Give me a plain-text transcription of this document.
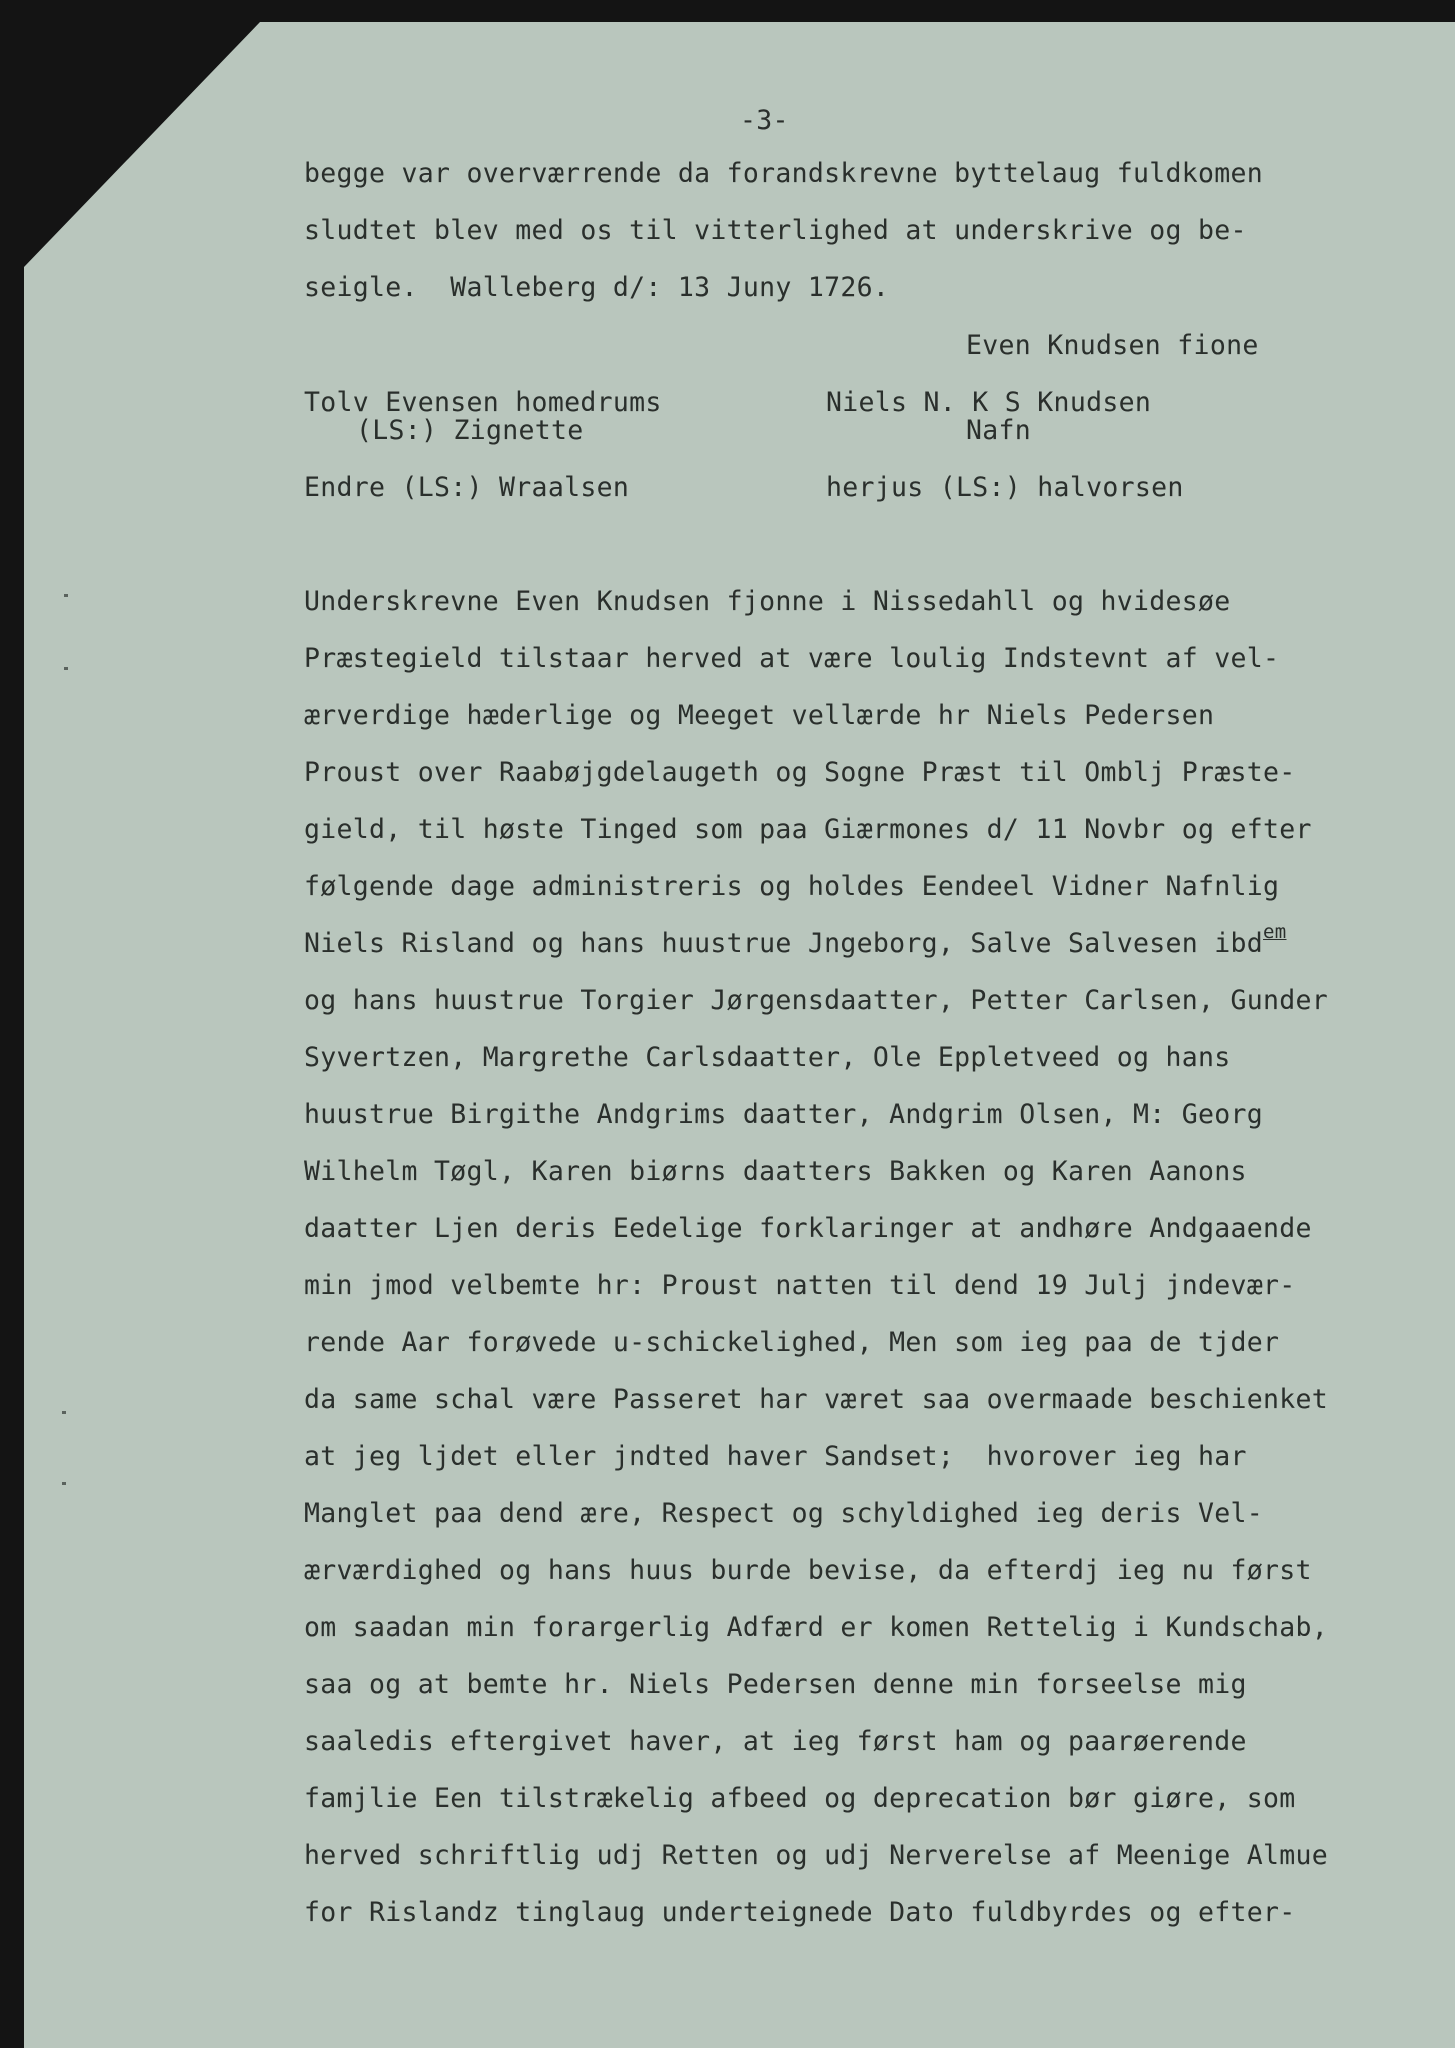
-3-
begge var overværrende da forandskrevne byttelaug fuldkomen
sludtet blev med os til vitterlighed at underskrive og be-
seigle.  Walleberg d/: 13 Juny 1726.
Even Knudsen fione
Tolv Evensen homedrums
(LS:) Zignette
Niels N. K S Knudsen
Nafn
Endre (LS:) Wraalsen	herjus (LS:) halvorsen
Underskrevne Even Knudsen fjonne i Nissedahll og hvidesøe
Præstegield tilstaar herved at være loulig Indstevnt af vel-
ærverdige hæderlige og Meeget vellærde hr Niels Pedersen
Proust over Raabøjgdelaugeth og Sogne Præst til Omblj Præste-
gield, til høste Tinged som paa Giærmones d/ 11 Novbr og efter
følgende dage administreris og holdes Eendeel Vidner Nafnlig
Niels Risland og hans huustrue Jngeborg, Salve Salvesen ibd$^{em}$
og hans huustrue Torgier Jørgensdaatter, Petter Carlsen, Gunder
Syvertzen, Margrethe Carlsdaatter, Ole Eppletveed og hans
huustrue Birgithe Andgrims daatter, Andgrim Olsen, M: Georg
Wilhelm Tøgl, Karen biørns daatters Bakken og Karen Aanons
daatter Ljen deris Eedelige forklaringer at andhøre Andgaaende
min jmod velbemte hr: Proust natten til dend 19 Julj jndevær-
rende Aar forøvede u-schickelighed, Men som ieg paa de tjder
da same schal være Passeret har været saa overmaade beschienket
at jeg ljdet eller jndted haver Sandset;  hvorover ieg har
Manglet paa dend ære, Respect og schyldighed ieg deris Vel-
ærværdighed og hans huus burde bevise, da efterdj ieg nu først
om saadan min forargerlig Adfærd er komen Rettelig i Kundschab,
saa og at bemte hr. Niels Pedersen denne min forseelse mig
saaledis eftergivet haver, at ieg først ham og paarøerende
famjlie Een tilstrækelig afbeed og deprecation bør giøre, som
herved schriftlig udj Retten og udj Nerverelse af Meenige Almue
for Rislandz tinglaug underteignede Dato fuldbyrdes og efter-
